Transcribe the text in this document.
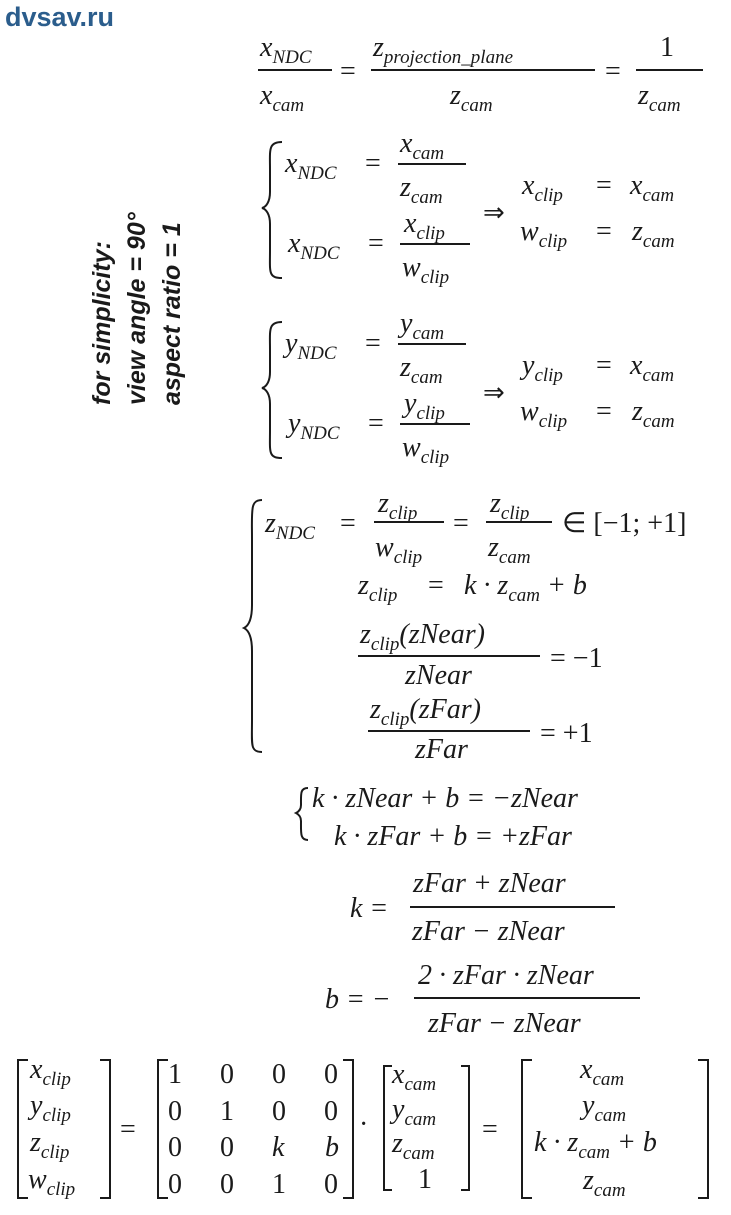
dvsav.ru
for simplicity: view angle = 90° aspect ratio = 1
$x_{NDC}$
$x_{cam}$
=
$z_{projection\_plane}$
$z_{cam}$
=
1
$z_{cam}$
$x_{NDC}$ =
$x_{cam}$
$z_{cam}$
$x_{NDC}$ =
$x_{clip}$
$w_{clip}$
⇒
$x_{clip} = x_{cam}$
$w_{clip} = z_{cam}$
$y_{NDC}$ =
$y_{cam}$
$z_{cam}$
$y_{NDC}$ =
$y_{clip}$
$w_{clip}$
⇒
$y_{clip} = x_{cam}$
$w_{clip} = z_{cam}$
$z_{NDC}$ =
$z_{clip}$
$w_{clip}$
=
$z_{clip}$
$z_{cam}$
∈ [−1; +1]
$z_{clip} = k \cdot z_{cam} + b$
$z_{clip}(zNear)$
zNear
= −1
$z_{clip}(zFar)$
zFar
= +1
k · zNear + b = −zNear
k · zFar + b = +zFar
k =
zFar + zNear
zFar − zNear
b = −
2 · zFar · zNear
zFar − zNear
$x_{clip}$
$y_{clip}$
$z_{clip}$
$w_{clip}$
=
1 0 0 0
0 1 0 0
0 0 k b
0 0 1 0
·
$x_{cam}$
$y_{cam}$
$z_{cam}$
1
=
$x_{cam}$
$y_{cam}$
$k \cdot z_{cam} + b$
$z_{cam}$
